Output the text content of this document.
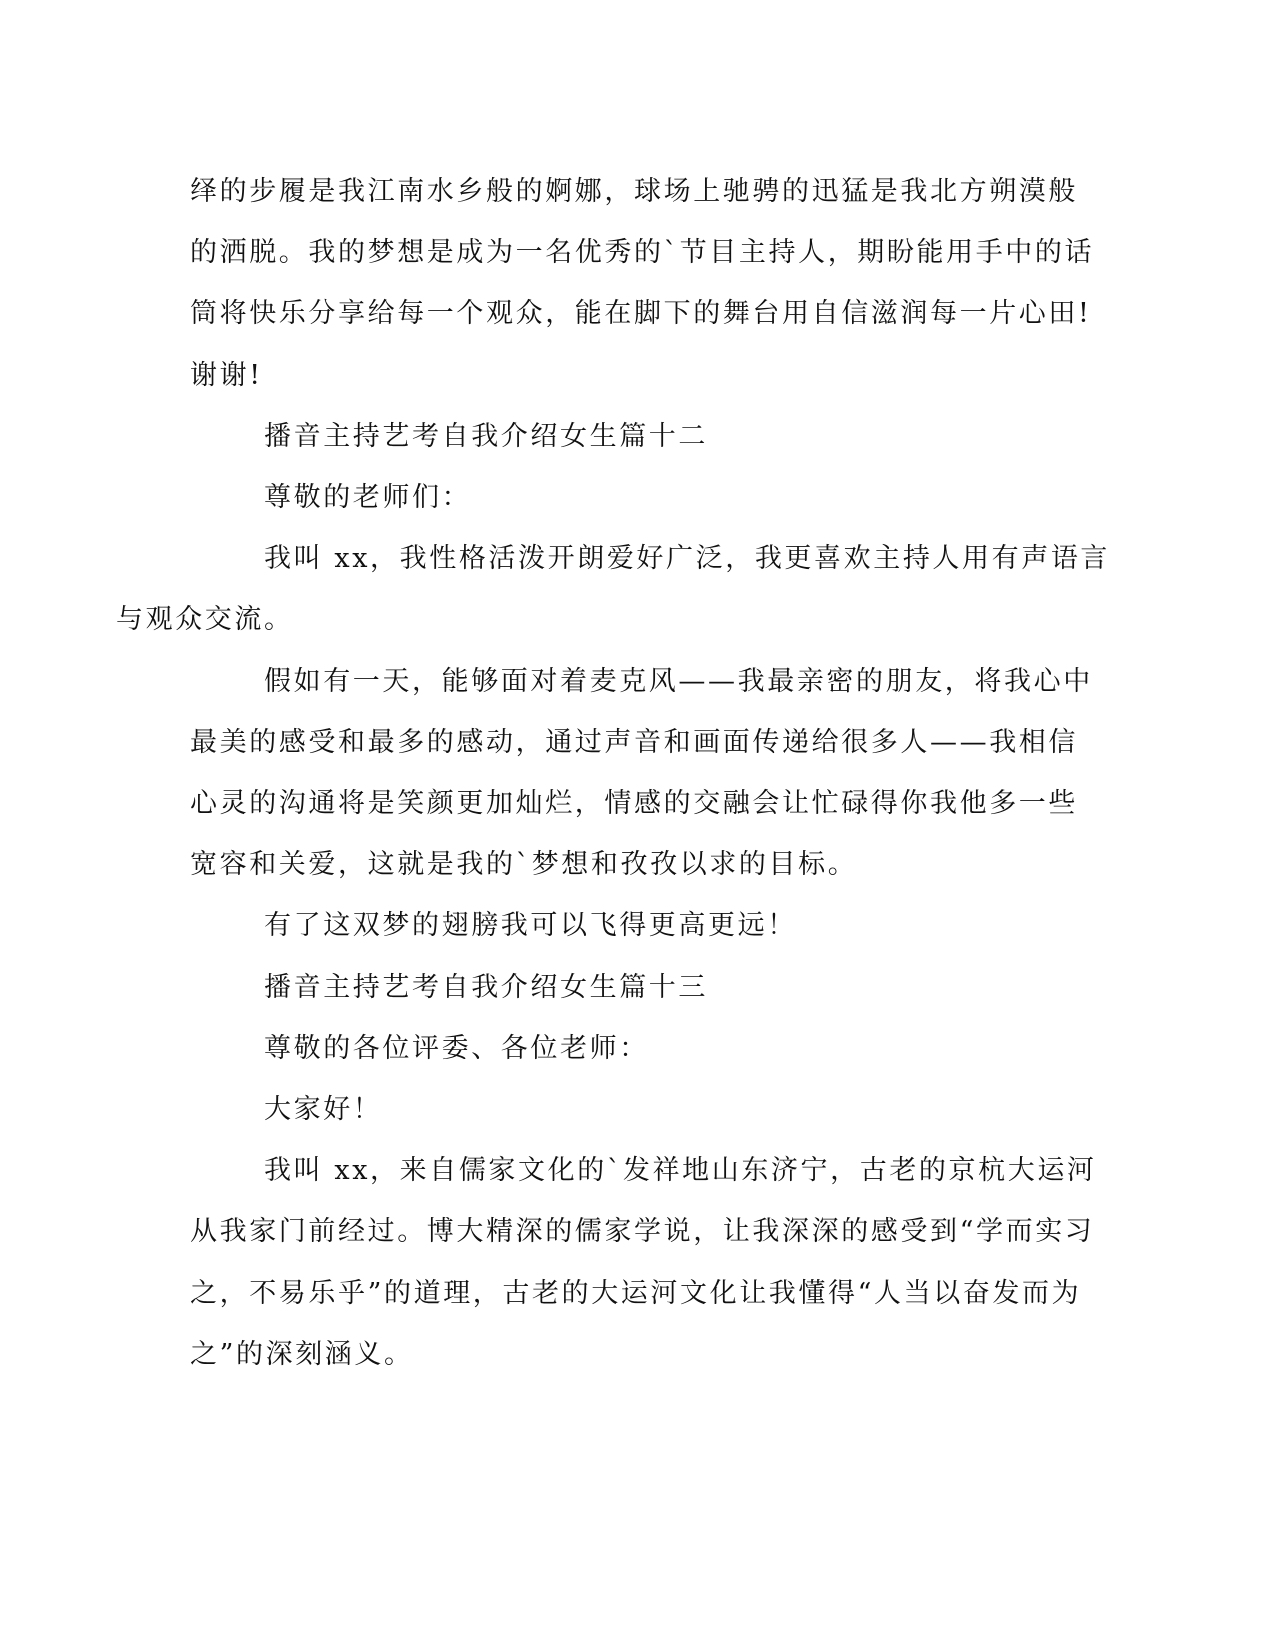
绎的步履是我江南水乡般的婀娜，球场上驰骋的迅猛是我北方朔漠般
的洒脱。我的梦想是成为一名优秀的`节目主持人，期盼能用手中的话
筒将快乐分享给每一个观众，能在脚下的舞台用自信滋润每一片心田!
谢谢!

播音主持艺考自我介绍女生篇十二

尊敬的老师们：

我叫 xx，我性格活泼开朗爱好广泛，我更喜欢主持人用有声语言
与观众交流。

假如有一天，能够面对着麦克风——我最亲密的朋友，将我心中
最美的感受和最多的感动，通过声音和画面传递给很多人——我相信
心灵的沟通将是笑颜更加灿烂，情感的交融会让忙碌得你我他多一些
宽容和关爱，这就是我的`梦想和孜孜以求的目标。

有了这双梦的翅膀我可以飞得更高更远！

播音主持艺考自我介绍女生篇十三

尊敬的各位评委、各位老师：

大家好！

我叫 xx，来自儒家文化的`发祥地山东济宁，古老的京杭大运河
从我家门前经过。博大精深的儒家学说，让我深深的感受到“学而实习
之，不易乐乎”的道理，古老的大运河文化让我懂得“人当以奋发而为
之”的深刻涵义。
